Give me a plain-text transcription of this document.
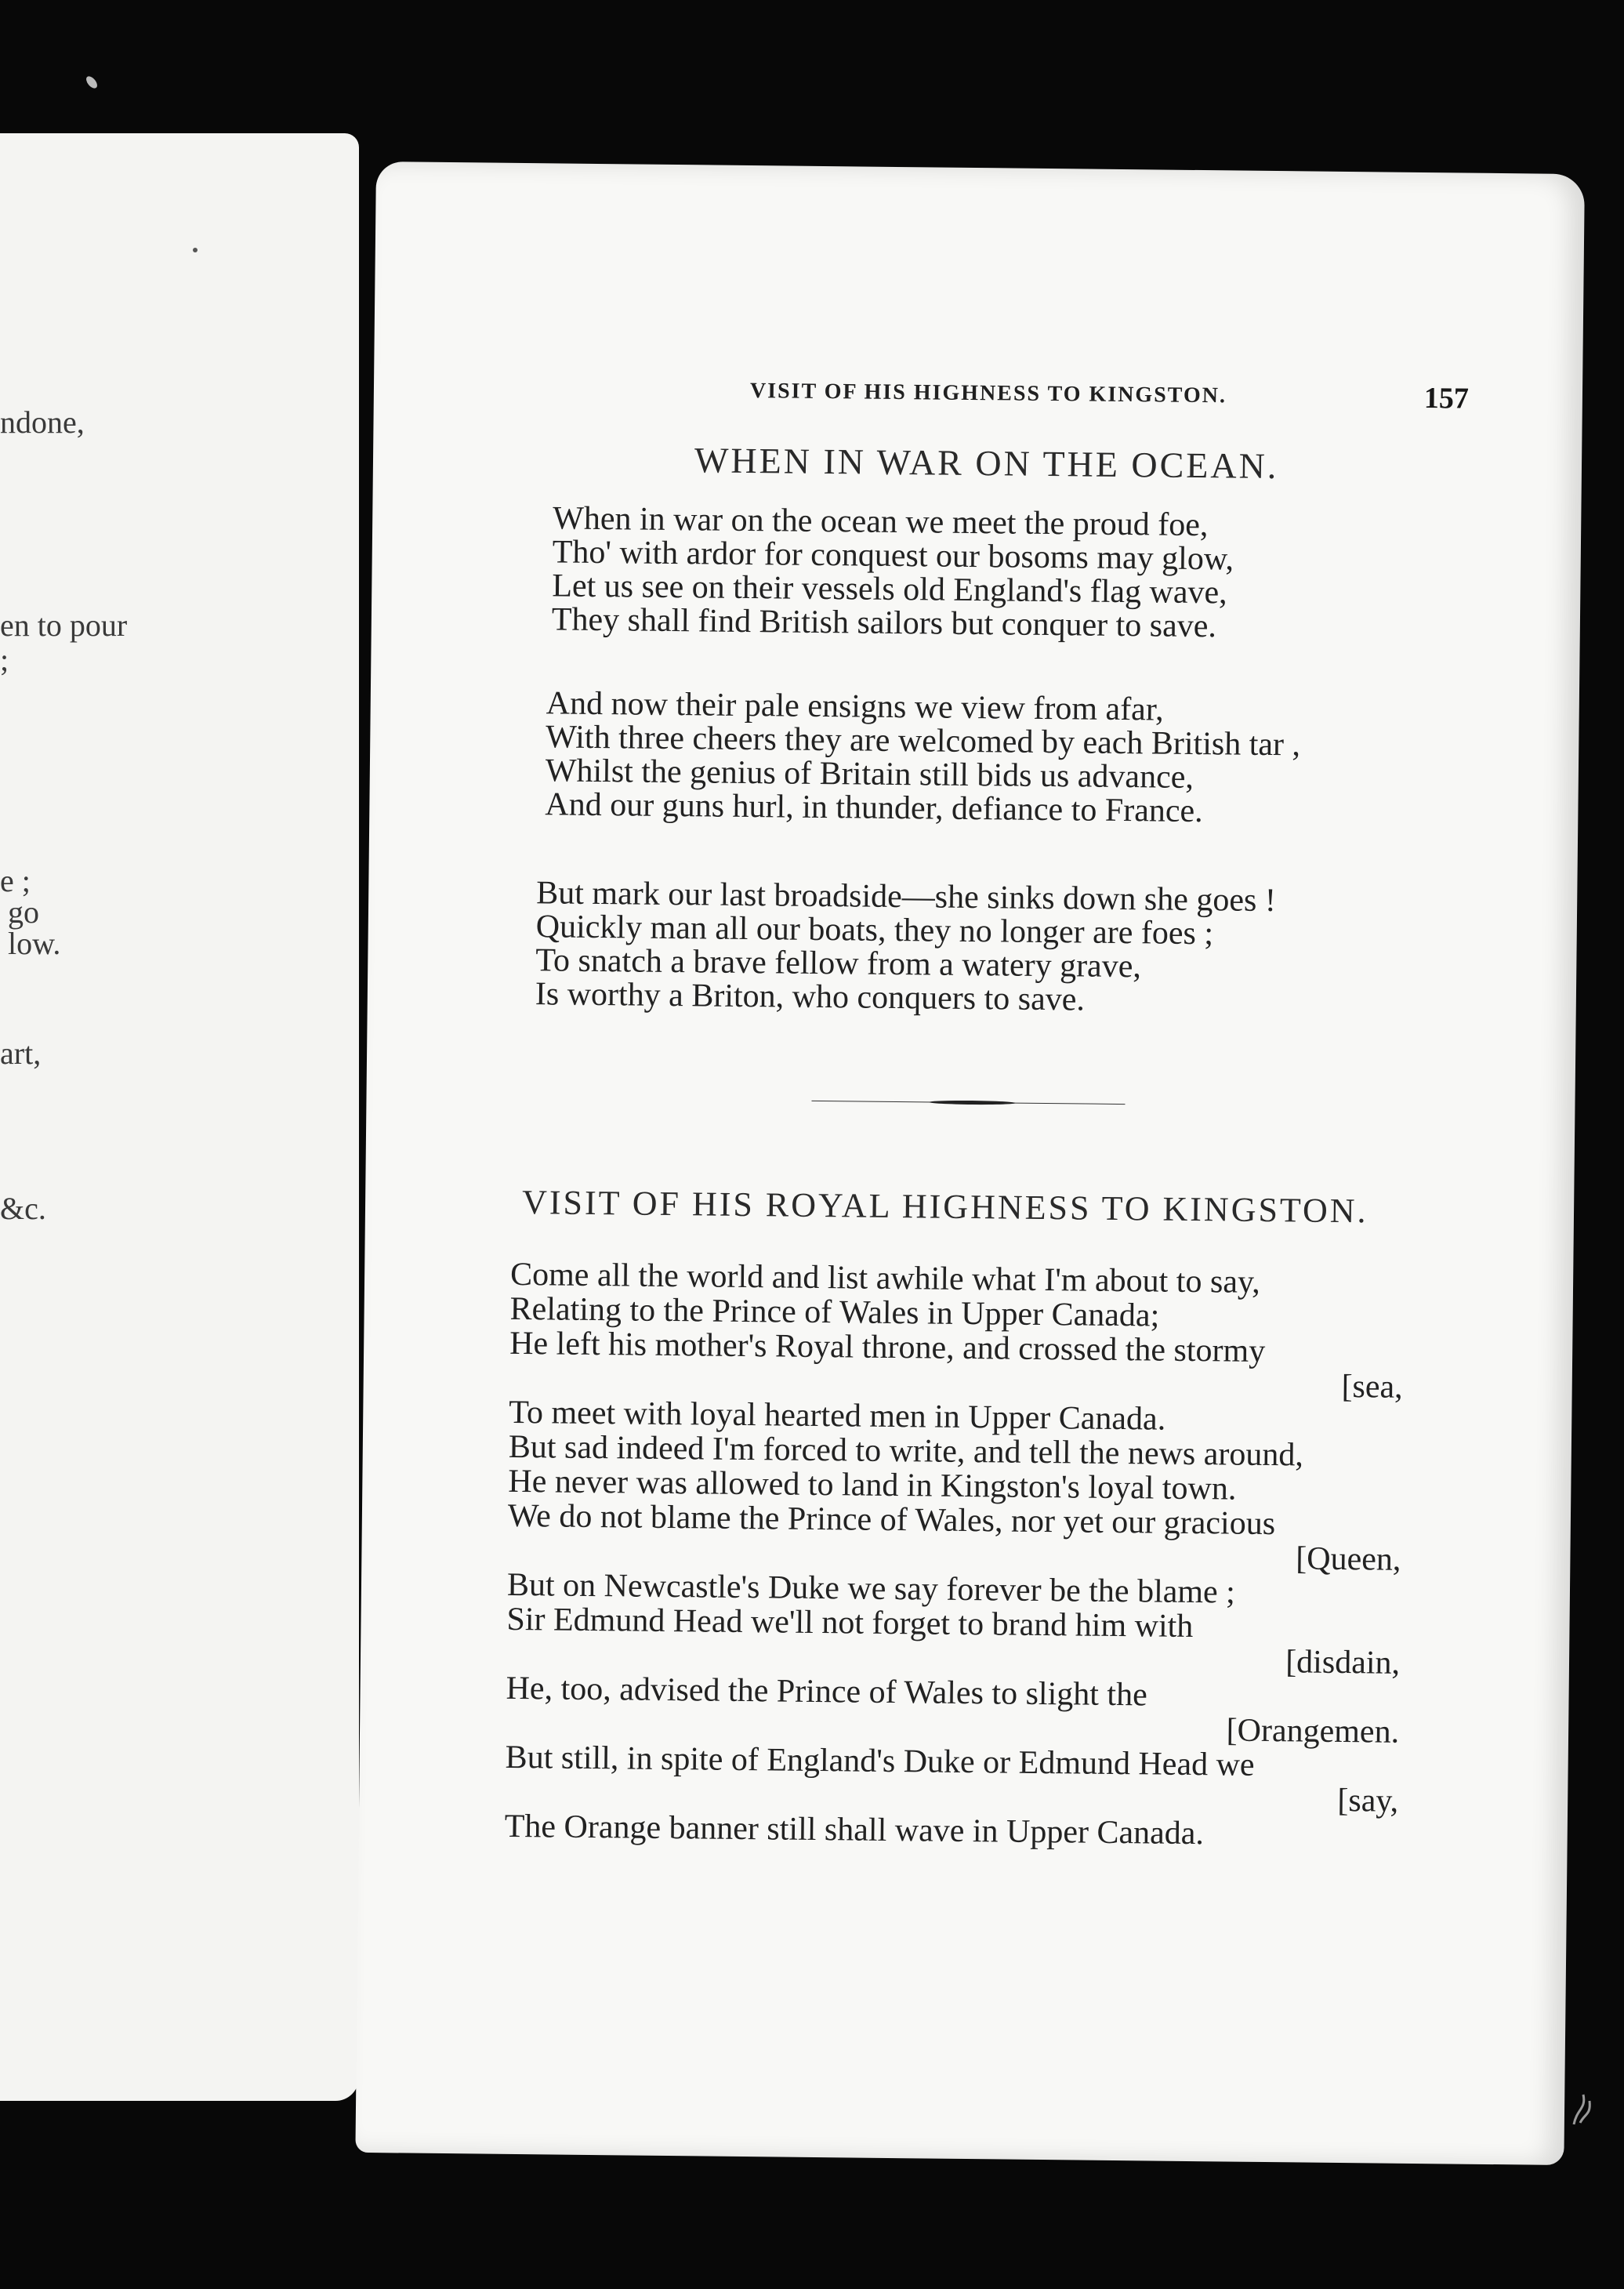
ndone,
en to pour
;
e ;
go
low.
art,
&c.
VISIT OF HIS HIGHNESS TO KINGSTON.	157
WHEN IN WAR ON THE OCEAN.
When in war on the ocean we meet the proud foe,
Tho' with ardor for conquest our bosoms may glow,
Let us see on their vessels old England's flag wave,
They shall find British sailors but conquer to save.
And now their pale ensigns we view from afar,
With three cheers they are welcomed by each British tar ,
Whilst the genius of Britain still bids us advance,
And our guns hurl, in thunder, defiance to France.
But mark our last broadside—she sinks down she goes !
Quickly man all our boats, they no longer are foes ;
To snatch a brave fellow from a watery grave,
Is worthy a Briton, who conquers to save.
VISIT OF HIS ROYAL HIGHNESS TO KINGSTON.
Come all the world and list awhile what I'm about to say,
Relating to the Prince of Wales in Upper Canada;
He left his mother's Royal throne, and crossed the stormy
[sea,
To meet with loyal hearted men in Upper Canada.
But sad indeed I'm forced to write, and tell the news around,
He never was allowed to land in Kingston's loyal town.
We do not blame the Prince of Wales, nor yet our gracious
[Queen,
But on Newcastle's Duke we say forever be the blame ;
Sir Edmund Head we'll not forget to brand him with
[disdain,
He, too, advised the Prince of Wales to slight the
[Orangemen.
But still, in spite of England's Duke or Edmund Head we
[say,
The Orange banner still shall wave in Upper Canada.
